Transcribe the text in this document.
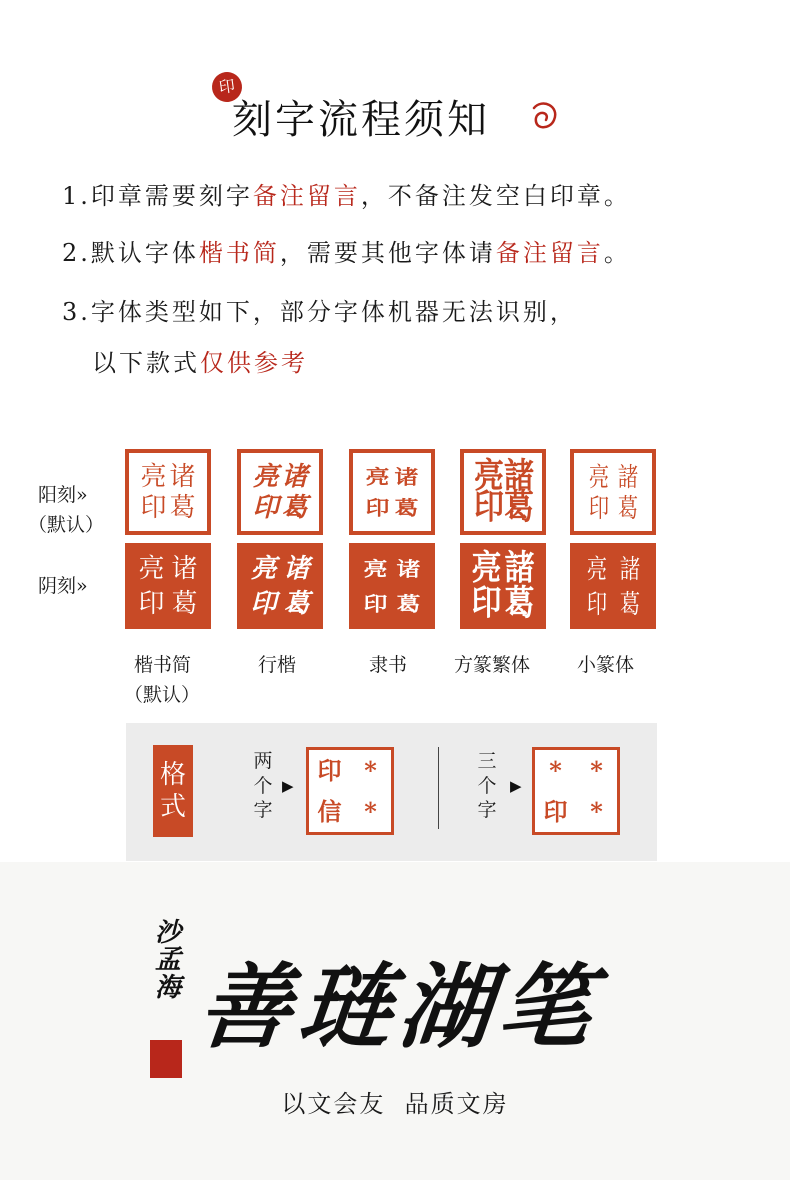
印
刻字流程须知
1.印章需要刻字备注留言，不备注发空白印章。
2.默认字体楷书简，需要其他字体请备注留言。
3.字体类型如下，部分字体机器无法识别，
以下款式仅供参考
阳刻»
（默认）
阴刻»
亮 诸
印 葛
亮 诸
印 葛
亮 诸
印 葛
亮 諸
印 葛
亮 諸
印 葛
亮 诸
印 葛
亮 诸
印 葛
亮 诸
印 葛
亮 諸
印 葛
亮 諸
印 葛
楷书简
（默认）
行楷	隶书 方篆繁体 小篆体
格
式
两
个
字
▶
印 *
信 *
三
个
字
▶
* *
印 *
沙
孟
海 善琏湖笔
以文会友  品质文房
